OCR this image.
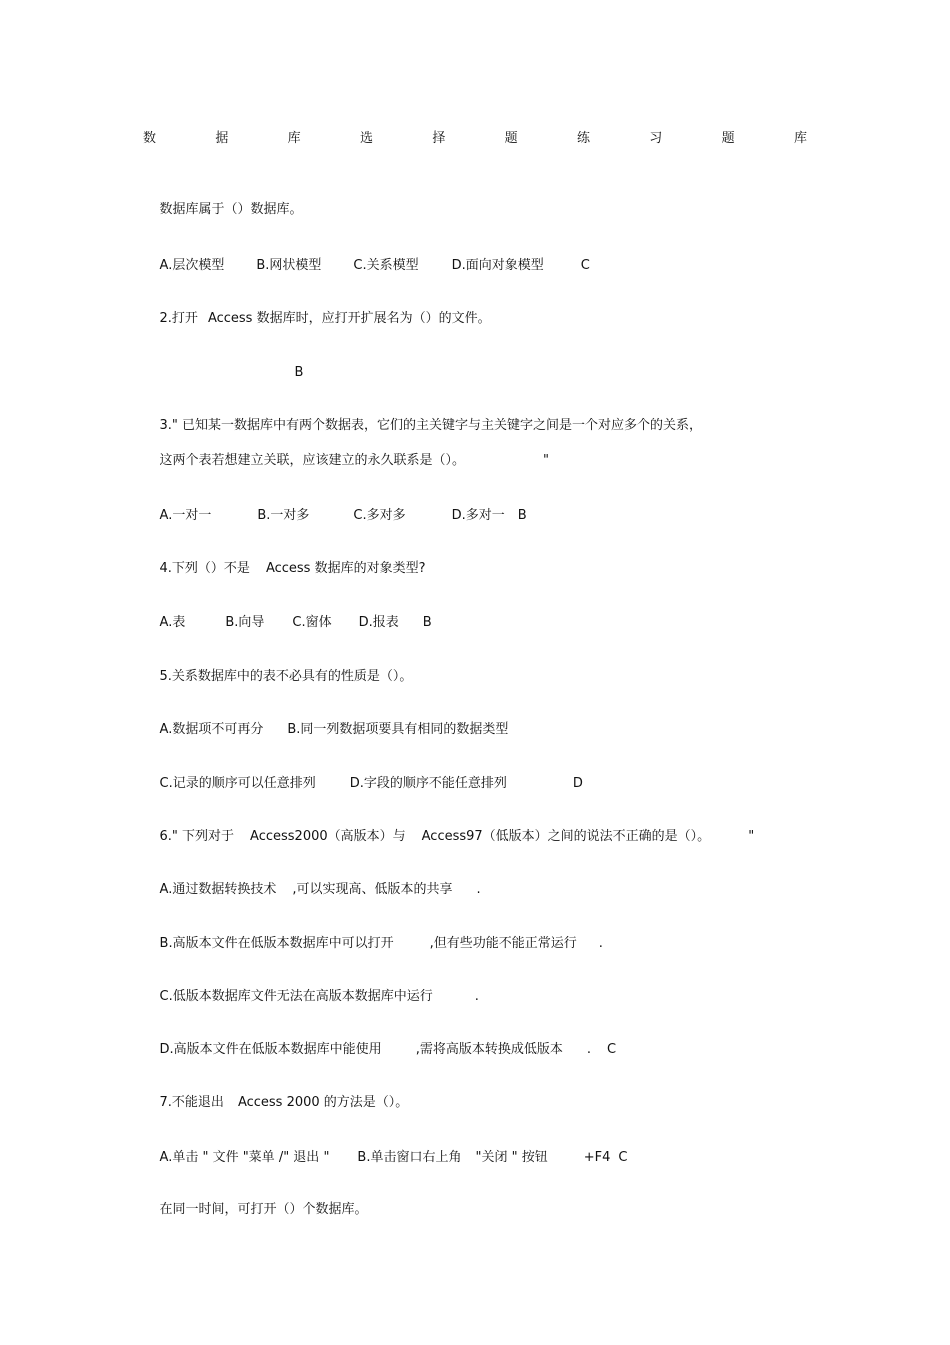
数	据	库	选	择	题	练	习	题	库

数据库属于（）数据库。

A.层次模型 B.网状模型 C.关系模型	D.面向对象模型	C

2.打开 Access 数据库时，应打开扩展名为（）的文件。

B

3." 已知某一数据库中有两个数据表，它们的主关键字与主关键字之间是一个对应多个的关系，

这两个表若想建立关联，应该建立的永久联系是（）。	"

A.一对一	B.一对多	C.多对多	D.多对一 B

4.下列（）不是 Access 数据库的对象类型?

A.表	B.向导 C.窗体 D.报表 B

5.关系数据库中的表不必具有的性质是（）。

A.数据项不可再分 B.同一列数据项要具有相同的数据类型

C.记录的顺序可以任意排列	D.字段的顺序不能任意排列	D

6." 下列对于 Access2000（高版本）与 Access97（低版本）之间的说法不正确的是（）。	"

A.通过数据转换技术 ,可以实现高、低版本的共享 .

B.高版本文件在低版本数据库中可以打开	,但有些功能不能正常运行 .

C.低版本数据库文件无法在高版本数据库中运行	.

D.高版本文件在低版本数据库中能使用	,需将高版本转换成低版本 . C

7.不能退出 Access 2000 的方法是（）。

A.单击 " 文件 "菜单 /" 退出 " B.单击窗口右上角 "关闭 " 按钮	+F4 C

在同一时间，可打开（）个数据库。
